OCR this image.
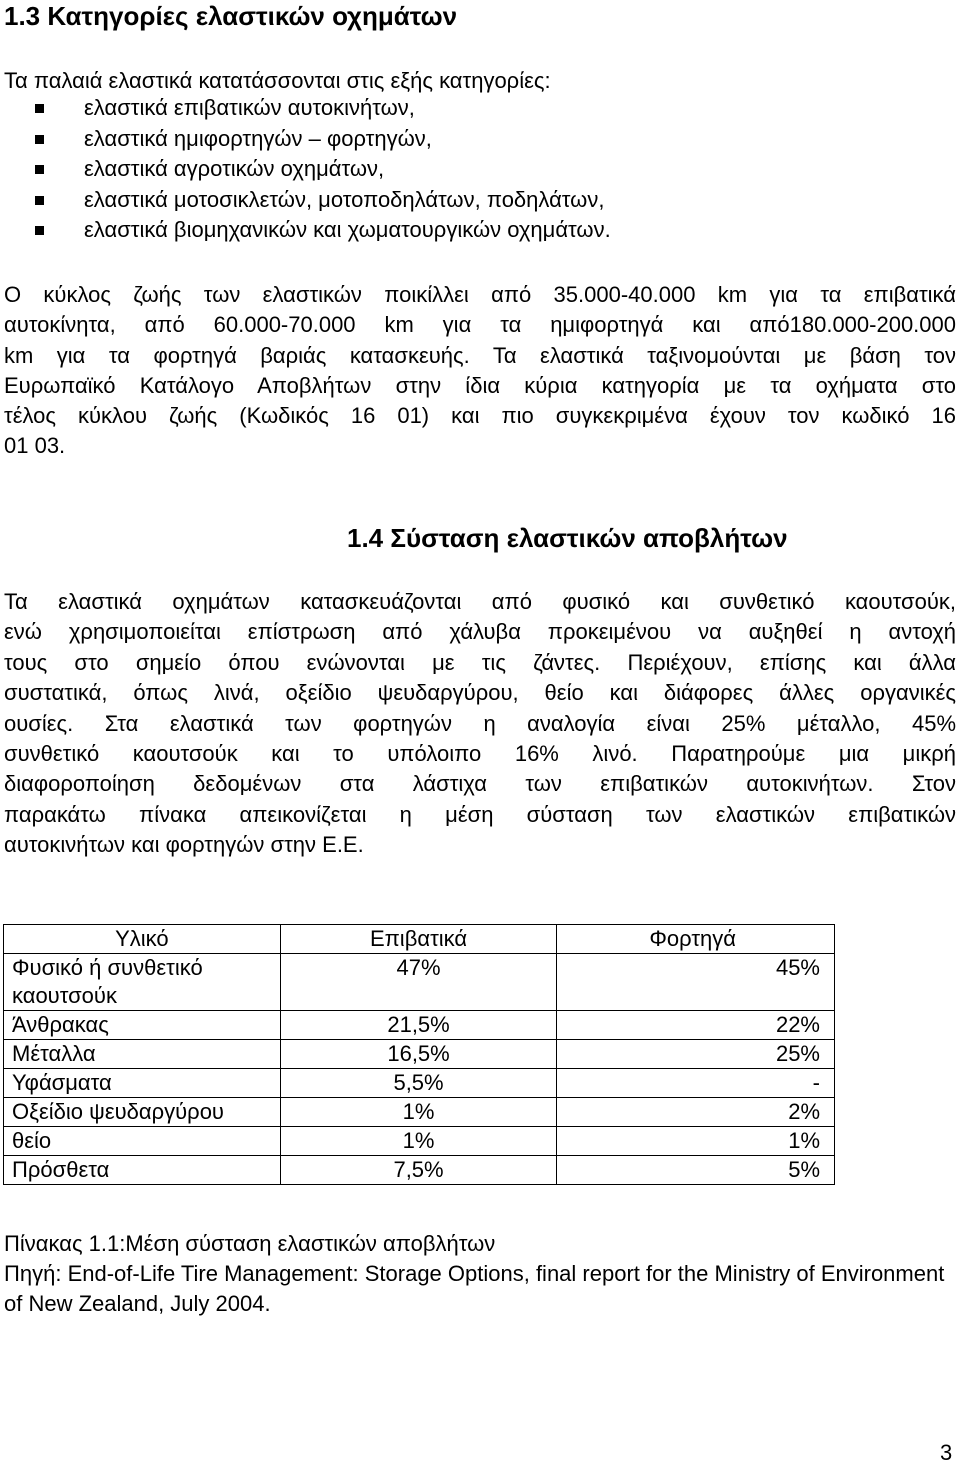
1.3 Κατηγορίες ελαστικών οχημάτων
Τα παλαιά ελαστικά κατατάσσονται στις εξής κατηγορίες:
ελαστικά επιβατικών αυτοκινήτων,
ελαστικά ημιφορτηγών – φορτηγών,
ελαστικά αγροτικών οχημάτων,
ελαστικά μοτοσικλετών, μοτοποδηλάτων, ποδηλάτων,
ελαστικά βιομηχανικών και χωματουργικών οχημάτων.
Ο κύκλος ζωής των ελαστικών ποικίλλει από 35.000-40.000 km για τα επιβατικά
αυτοκίνητα, από 60.000-70.000 km για τα ημιφορτηγά και από180.000-200.000
km για τα φορτηγά βαριάς κατασκευής. Τα ελαστικά ταξινομούνται με βάση τον
Ευρωπαϊκό Κατάλογο Αποβλήτων στην ίδια κύρια κατηγορία με τα οχήματα στο
τέλος κύκλου ζωής (Κωδικός 16 01) και πιο συγκεκριμένα έχουν τον κωδικό 16
01 03.
1.4 Σύσταση ελαστικών αποβλήτων
Τα ελαστικά οχημάτων κατασκευάζονται από φυσικό και συνθετικό καουτσούκ,
ενώ χρησιμοποιείται επίστρωση από χάλυβα προκειμένου να αυξηθεί η αντοχή
τους στο σημείο όπου ενώνονται με τις ζάντες. Περιέχουν, επίσης και άλλα
συστατικά, όπως λινά, οξείδιο ψευδαργύρου, θείο και διάφορες άλλες οργανικές
ουσίες. Στα ελαστικά των φορτηγών η αναλογία είναι 25% μέταλλο, 45%
συνθετικό καουτσούκ και το υπόλοιπο 16% λινό. Παρατηρούμε μια μικρή
διαφοροποίηση δεδομένων στα λάστιχα των επιβατικών αυτοκινήτων. Στον
παρακάτω πίνακα απεικονίζεται η μέση σύσταση των ελαστικών επιβατικών
αυτοκινήτων και φορτηγών στην Ε.Ε.
Υλικό	Επιβατικά	Φορτηγά
Φυσικό ή συνθετικό καουτσούκ	47%	45%
Άνθρακας	21,5%	22%
Μέταλλα	16,5%	25%
Υφάσματα	5,5%	-
Οξείδιο ψευδαργύρου	1%	2%
θείο	1%	1%
Πρόσθετα	7,5%	5%
Πίνακας 1.1:Μέση σύσταση ελαστικών αποβλήτων
Πηγή: End-of-Life Tire Management: Storage Options, final report for the Ministry of Environment of New Zealand, July 2004.
3
